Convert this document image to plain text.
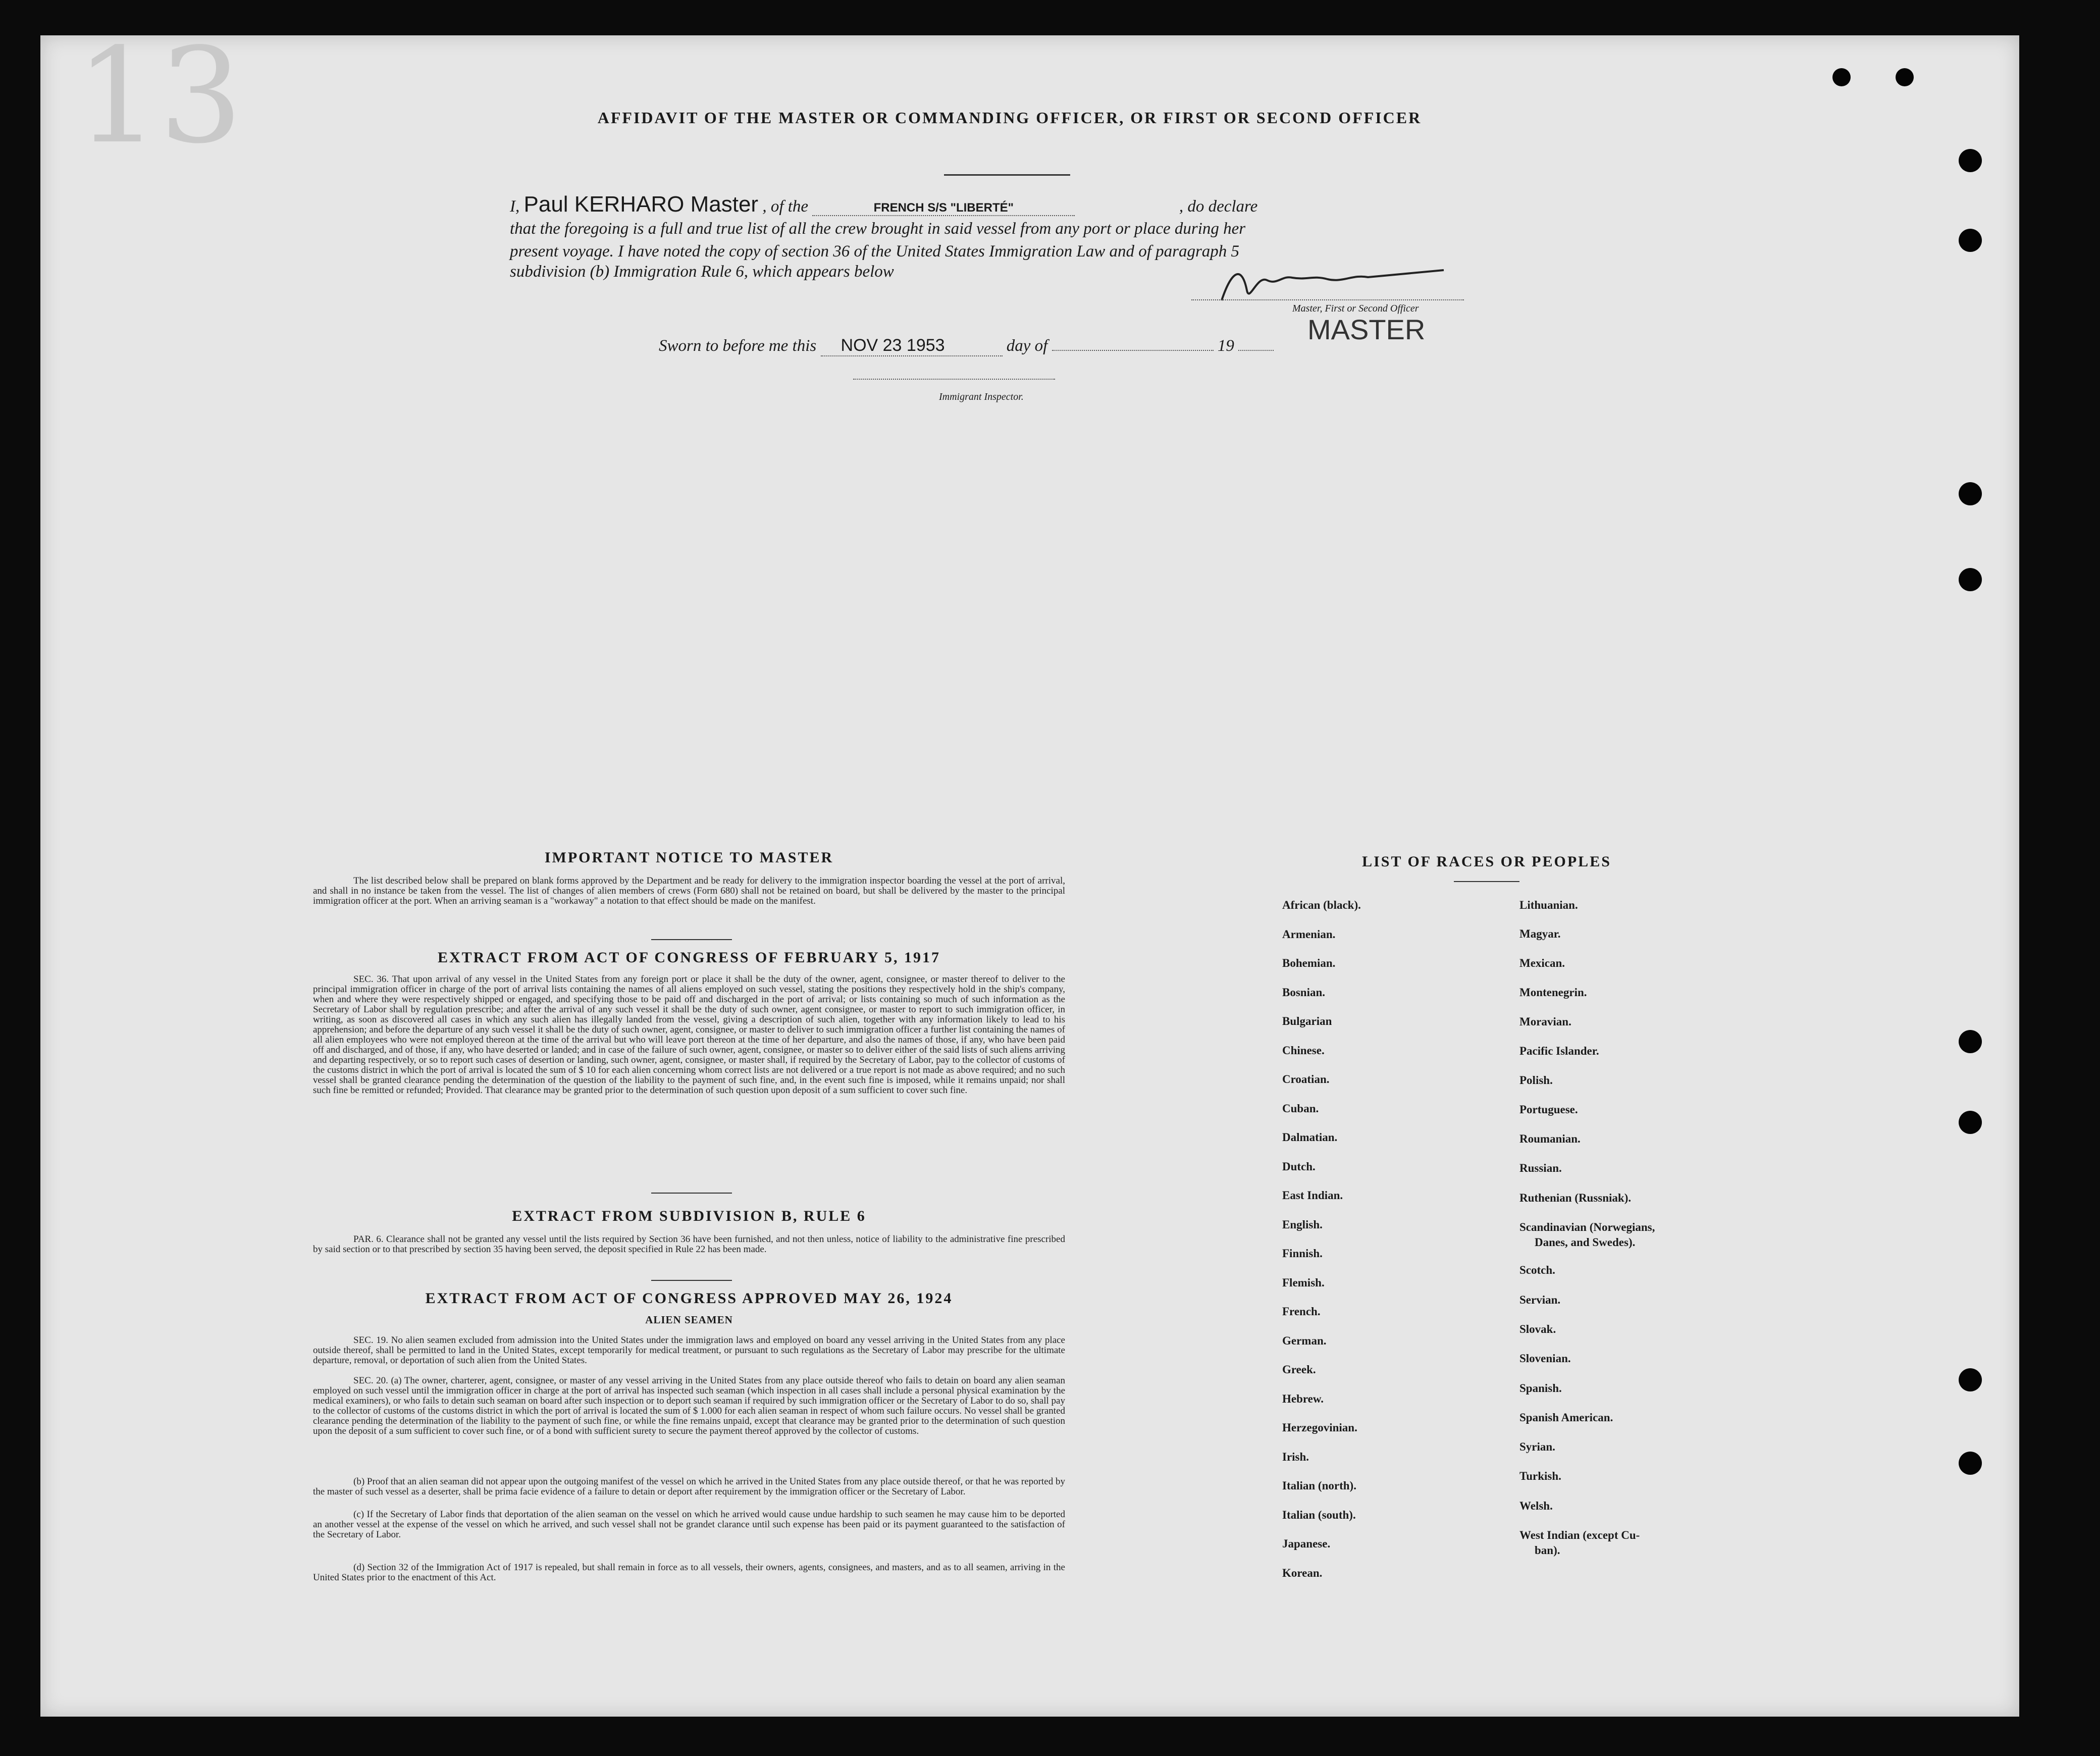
13	AFFIDAVIT OF THE MASTER OR COMMANDING OFFICER, OR FIRST OR SECOND OFFICER
I, Paul KERHARO Master , of the	FRENCH S/S "LIBERTÉ"	, do declare
that the foregoing is a full and true list of all the crew brought in said vessel from any port or place during her
present voyage. I have noted the copy of section 36 of the United States Immigration Law and of paragraph 5
subdivision (b) Immigration Rule 6, which appears below
Master, First or Second Officer
MASTER
Sworn to before me this NOV 23 1953	day of	19
Immigrant Inspector.
IMPORTANT NOTICE TO MASTER
The list described below shall be prepared on blank forms approved by the Department and be ready for delivery to the immigration inspector boarding the vessel at the port of arrival, and shall in no instance be taken from the vessel. The list of changes of alien members of crews (Form 680) shall not be retained on board, but shall be delivered by the master to the principal immigration officer at the port. When an arriving seaman is a "workaway" a notation to that effect should be made on the manifest.
EXTRACT FROM ACT OF CONGRESS OF FEBRUARY 5, 1917
SEC. 36. That upon arrival of any vessel in the United States from any foreign port or place it shall be the duty of the owner, agent, consignee, or master thereof to deliver to the principal immigration officer in charge of the port of arrival lists containing the names of all aliens employed on such vessel, stating the positions they respectively hold in the ship's company, when and where they were respectively shipped or engaged, and specifying those to be paid off and discharged in the port of arrival; or lists containing so much of such information as the Secretary of Labor shall by regulation prescribe; and after the arrival of any such vessel it shall be the duty of such owner, agent consignee, or master to report to such immigration officer, in writing, as soon as discovered all cases in which any such alien has illegally landed from the vessel, giving a description of such alien, together with any information likely to lead to his apprehension; and before the departure of any such vessel it shall be the duty of such owner, agent, consignee, or master to deliver to such immigration officer a further list containing the names of all alien employees who were not employed thereon at the time of the arrival but who will leave port thereon at the time of her departure, and also the names of those, if any, who have been paid off and discharged, and of those, if any, who have deserted or landed; and in case of the failure of such owner, agent, consignee, or master so to deliver either of the said lists of such aliens arriving and departing respectively, or so to report such cases of desertion or landing, such owner, agent, consignee, or master shall, if required by the Secretary of Labor, pay to the collector of customs of the customs district in which the port of arrival is located the sum of $ 10 for each alien concerning whom correct lists are not delivered or a true report is not made as above required; and no such vessel shall be granted clearance pending the determination of the question of the liability to the payment of such fine, and, in the event such fine is imposed, while it remains unpaid; nor shall such fine be remitted or refunded; Provided. That clearance may be granted prior to the determination of such question upon deposit of a sum sufficient to cover such fine.
EXTRACT FROM SUBDIVISION B, RULE 6
PAR. 6. Clearance shall not be granted any vessel until the lists required by Section 36 have been furnished, and not then unless, notice of liability to the administrative fine prescribed by said section or to that prescribed by section 35 having been served, the deposit specified in Rule 22 has been made.
EXTRACT FROM ACT OF CONGRESS APPROVED MAY 26, 1924
ALIEN SEAMEN
SEC. 19. No alien seamen excluded from admission into the United States under the immigration laws and employed on board any vessel arriving in the United States from any place outside thereof, shall be permitted to land in the United States, except temporarily for medical treatment, or pursuant to such regulations as the Secretary of Labor may prescribe for the ultimate departure, removal, or deportation of such alien from the United States.
SEC. 20. (a) The owner, charterer, agent, consignee, or master of any vessel arriving in the United States from any place outside thereof who fails to detain on board any alien seaman employed on such vessel until the immigration officer in charge at the port of arrival has inspected such seaman (which inspection in all cases shall include a personal physical examination by the medical examiners), or who fails to detain such seaman on board after such inspection or to deport such seaman if required by such immigration officer or the Secretary of Labor to do so, shall pay to the collector of customs of the customs district in which the port of arrival is located the sum of $ 1.000 for each alien seaman in respect of whom such failure occurs. No vessel shall be granted clearance pending the determination of the liability to the payment of such fine, or while the fine remains unpaid, except that clearance may be granted prior to the determination of such question upon the deposit of a sum sufficient to cover such fine, or of a bond with sufficient surety to secure the payment thereof approved by the collector of customs.
(b) Proof that an alien seaman did not appear upon the outgoing manifest of the vessel on which he arrived in the United States from any place outside thereof, or that he was reported by the master of such vessel as a deserter, shall be prima facie evidence of a failure to detain or deport after requirement by the immigration officer or the Secretary of Labor.
(c) If the Secretary of Labor finds that deportation of the alien seaman on the vessel on which he arrived would cause undue hardship to such seamen he may cause him to be deported an another vessel at the expense of the vessel on which he arrived, and such vessel shall not be grandet clarance until such expense has been paid or its payment guaranteed to the satisfaction of the Secretary of Labor.
(d) Section 32 of the Immigration Act of 1917 is repealed, but shall remain in force as to all vessels, their owners, agents, consignees, and masters, and as to all seamen, arriving in the United States prior to the enactment of this Act.
LIST OF RACES OR PEOPLES
African (black).
Armenian.
Bohemian.
Bosnian.
Bulgarian
Chinese.
Croatian.
Cuban.
Dalmatian.
Dutch.
East Indian.
English.
Finnish.
Flemish.
French.
German.
Greek.
Hebrew.
Herzegovinian.
Irish.
Italian (north).
Italian (south).
Japanese.
Korean.
Lithuanian.
Magyar.
Mexican.
Montenegrin.
Moravian.
Pacific Islander.
Polish.
Portuguese.
Roumanian.
Russian.
Ruthenian (Russniak).
Scandinavian (Norwegians,
Danes, and Swedes).
Scotch.
Servian.
Slovak.
Slovenian.
Spanish.
Spanish American.
Syrian.
Turkish.
Welsh.
West Indian (except Cu-
ban).
